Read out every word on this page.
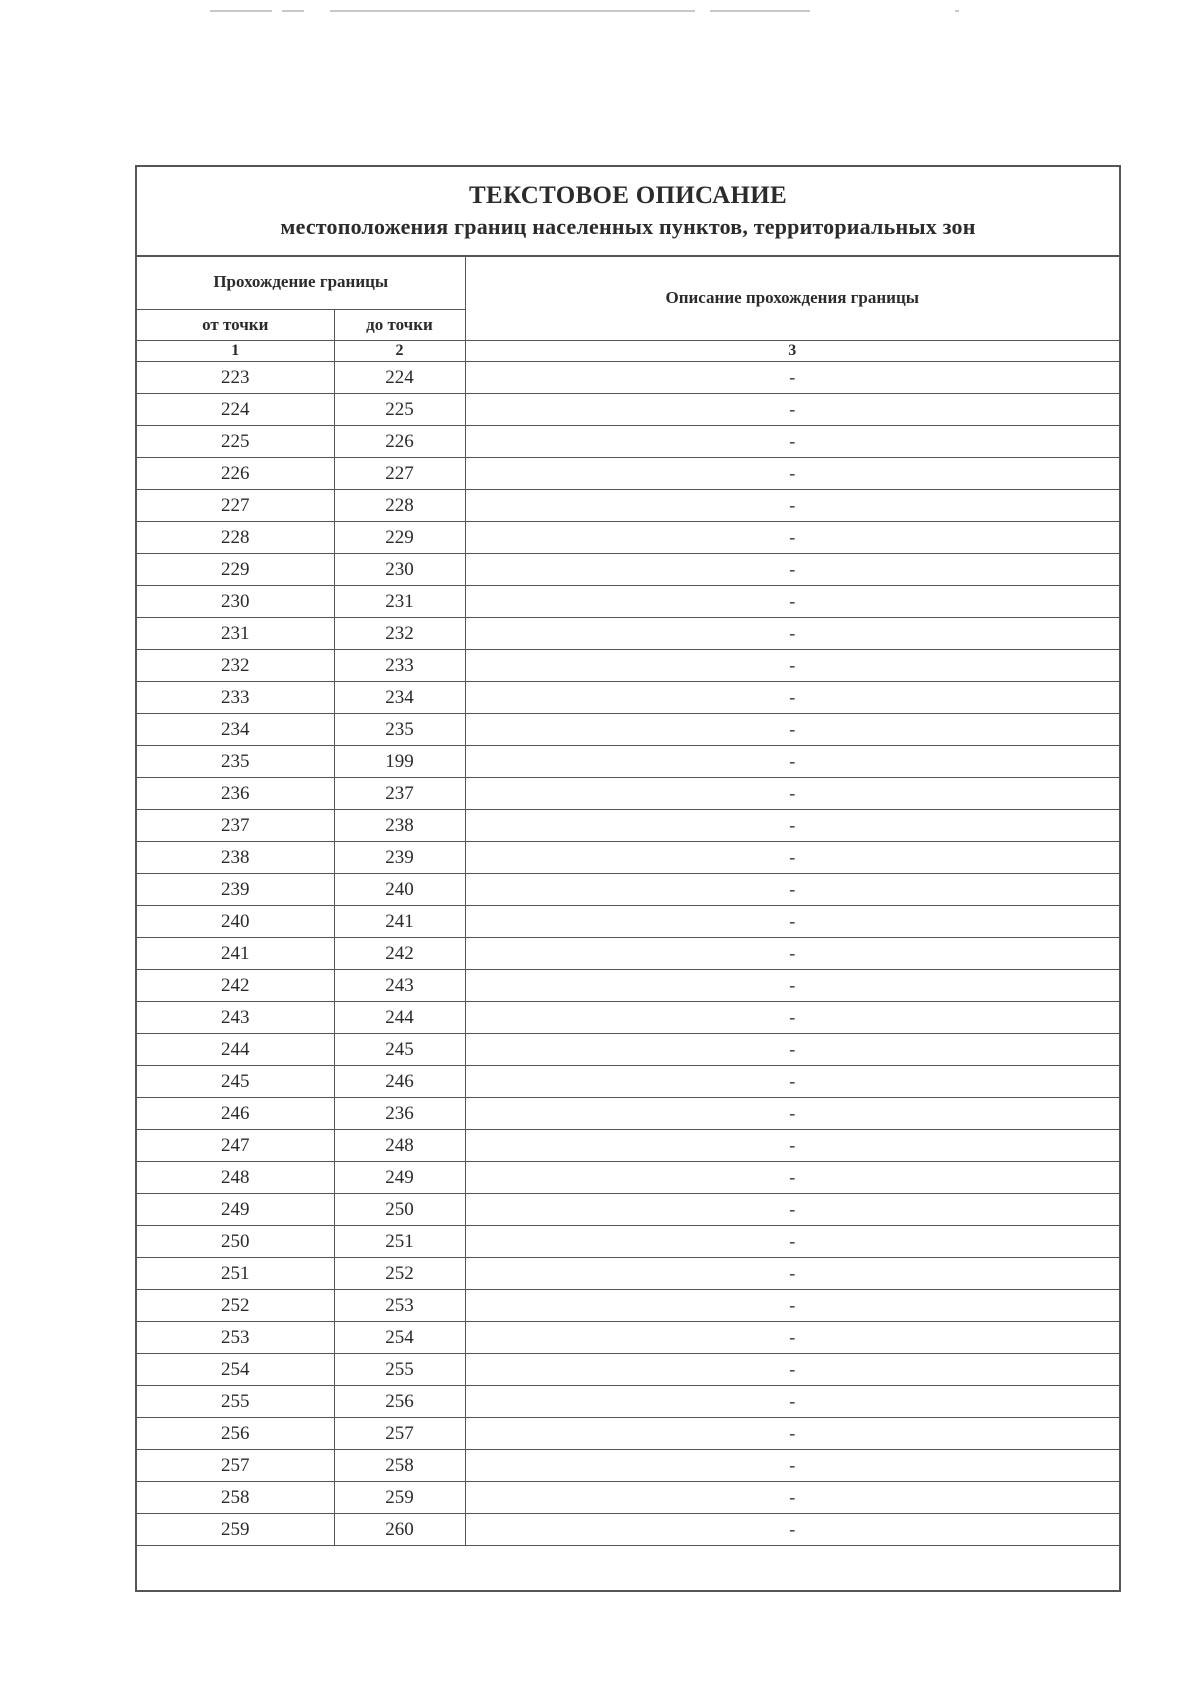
ТЕКСТОВОЕ ОПИСАНИЕ
местоположения границ населенных пунктов, территориальных зон
Прохождение границы		Описание прохождения границы
от точки	до точки	
1	2	3
223	224	-
224	225	-
225	226	-
226	227	-
227	228	-
228	229	-
229	230	-
230	231	-
231	232	-
232	233	-
233	234	-
234	235	-
235	199	-
236	237	-
237	238	-
238	239	-
239	240	-
240	241	-
241	242	-
242	243	-
243	244	-
244	245	-
245	246	-
246	236	-
247	248	-
248	249	-
249	250	-
250	251	-
251	252	-
252	253	-
253	254	-
254	255	-
255	256	-
256	257	-
257	258	-
258	259	-
259	260	-
